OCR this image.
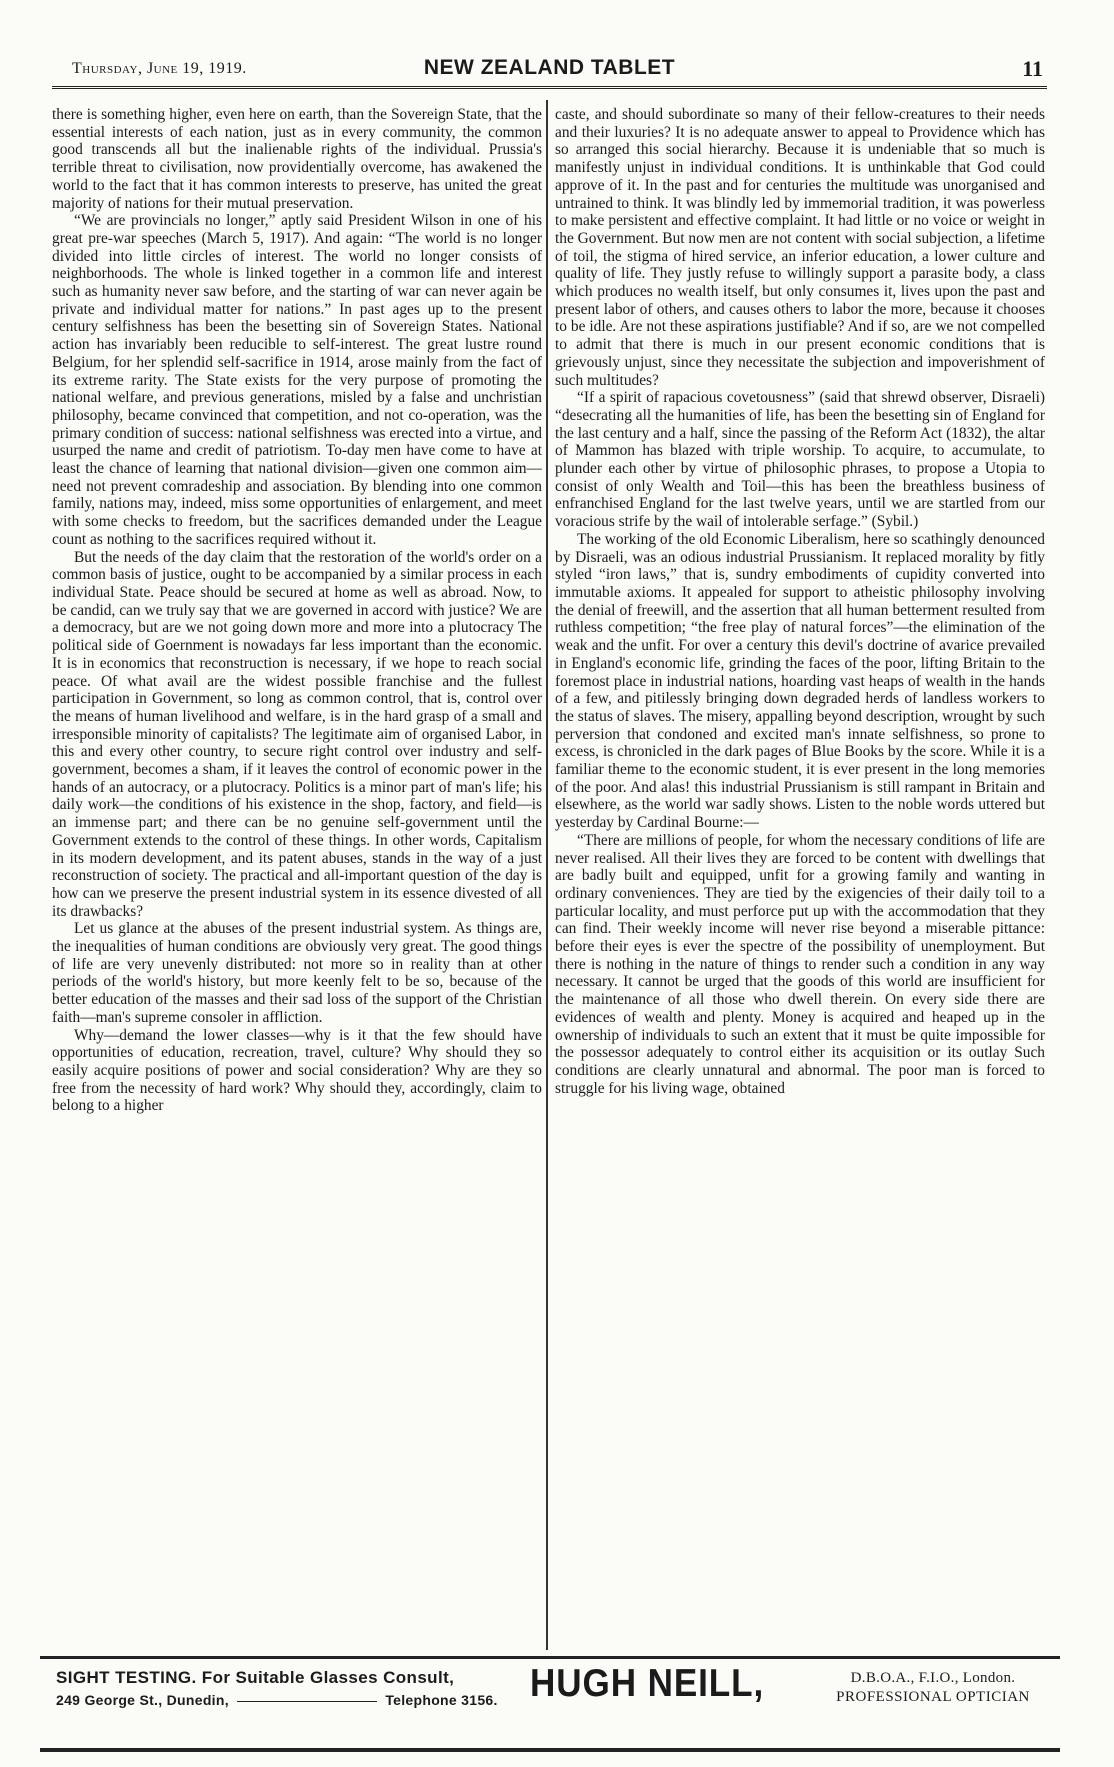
Thursday, June 19, 1919.	NEW ZEALAND TABLET	11

there is something higher, even here on earth, than the Sovereign State, that the essential interests of each nation, just as in every community, the common good transcends all but the inalienable rights of the individual. Prussia's terrible threat to civilisation, now providentially overcome, has awakened the world to the fact that it has common interests to preserve, has united the great majority of nations for their mutual preservation.

“We are provincials no longer,” aptly said President Wilson in one of his great pre-war speeches (March 5, 1917). And again: “The world is no longer divided into little circles of interest. The world no longer consists of neighborhoods. The whole is linked together in a common life and interest such as humanity never saw before, and the starting of war can never again be private and individual matter for nations.” In past ages up to the present century selfishness has been the besetting sin of Sovereign States. National action has invariably been reducible to self-interest. The great lustre round Belgium, for her splendid self-sacrifice in 1914, arose mainly from the fact of its extreme rarity. The State exists for the very purpose of promoting the national welfare, and previous generations, misled by a false and unchristian philosophy, became convinced that competition, and not co-operation, was the primary condition of success: national selfishness was erected into a virtue, and usurped the name and credit of patriotism. To-day men have come to have at least the chance of learning that national division—given one common aim—need not prevent comradeship and association. By blending into one common family, nations may, indeed, miss some opportunities of enlargement, and meet with some checks to freedom, but the sacrifices demanded under the League count as nothing to the sacrifices required without it.

But the needs of the day claim that the restoration of the world's order on a common basis of justice, ought to be accompanied by a similar process in each individual State. Peace should be secured at home as well as abroad. Now, to be candid, can we truly say that we are governed in accord with justice? We are a democracy, but are we not going down more and more into a plutocracy The political side of Goernment is nowadays far less important than the economic. It is in economics that reconstruction is necessary, if we hope to reach social peace. Of what avail are the widest possible franchise and the fullest participation in Government, so long as common control, that is, control over the means of human livelihood and welfare, is in the hard grasp of a small and irresponsible minority of capitalists? The legitimate aim of organised Labor, in this and every other country, to secure right control over industry and self-government, becomes a sham, if it leaves the control of economic power in the hands of an autocracy, or a plutocracy. Politics is a minor part of man's life; his daily work—the conditions of his existence in the shop, factory, and field—is an immense part; and there can be no genuine self-government until the Government extends to the control of these things. In other words, Capitalism in its modern development, and its patent abuses, stands in the way of a just reconstruction of society. The practical and all-important question of the day is how can we preserve the present industrial system in its essence divested of all its drawbacks?

Let us glance at the abuses of the present industrial system. As things are, the inequalities of human conditions are obviously very great. The good things of life are very unevenly distributed: not more so in reality than at other periods of the world's history, but more keenly felt to be so, because of the better education of the masses and their sad loss of the support of the Christian faith—man's supreme consoler in affliction.

Why—demand the lower classes—why is it that the few should have opportunities of education, recreation, travel, culture? Why should they so easily acquire positions of power and social consideration? Why are they so free from the necessity of hard work? Why should they, accordingly, claim to belong to a higher

caste, and should subordinate so many of their fellow-creatures to their needs and their luxuries? It is no adequate answer to appeal to Providence which has so arranged this social hierarchy. Because it is undeniable that so much is manifestly unjust in individual conditions. It is unthinkable that God could approve of it. In the past and for centuries the multitude was unorganised and untrained to think. It was blindly led by immemorial tradition, it was powerless to make persistent and effective complaint. It had little or no voice or weight in the Government. But now men are not content with social subjection, a lifetime of toil, the stigma of hired service, an inferior education, a lower culture and quality of life. They justly refuse to willingly support a parasite body, a class which produces no wealth itself, but only consumes it, lives upon the past and present labor of others, and causes others to labor the more, because it chooses to be idle. Are not these aspirations justifiable? And if so, are we not compelled to admit that there is much in our present economic conditions that is grievously unjust, since they necessitate the subjection and impoverishment of such multitudes?

“If a spirit of rapacious covetousness” (said that shrewd observer, Disraeli) “desecrating all the humanities of life, has been the besetting sin of England for the last century and a half, since the passing of the Reform Act (1832), the altar of Mammon has blazed with triple worship. To acquire, to accumulate, to plunder each other by virtue of philosophic phrases, to propose a Utopia to consist of only Wealth and Toil—this has been the breathless business of enfranchised England for the last twelve years, until we are startled from our voracious strife by the wail of intolerable serfage.” (Sybil.)

The working of the old Economic Liberalism, here so scathingly denounced by Disraeli, was an odious industrial Prussianism. It replaced morality by fitly styled “iron laws,” that is, sundry embodiments of cupidity converted into immutable axioms. It appealed for support to atheistic philosophy involving the denial of freewill, and the assertion that all human betterment resulted from ruthless competition; “the free play of natural forces”—the elimination of the weak and the unfit. For over a century this devil's doctrine of avarice prevailed in England's economic life, grinding the faces of the poor, lifting Britain to the foremost place in industrial nations, hoarding vast heaps of wealth in the hands of a few, and pitilessly bringing down degraded herds of landless workers to the status of slaves. The misery, appalling beyond description, wrought by such perversion that condoned and excited man's innate selfishness, so prone to excess, is chronicled in the dark pages of Blue Books by the score. While it is a familiar theme to the economic student, it is ever present in the long memories of the poor. And alas! this industrial Prussianism is still rampant in Britain and elsewhere, as the world war sadly shows. Listen to the noble words uttered but yesterday by Cardinal Bourne:—

“There are millions of people, for whom the necessary conditions of life are never realised. All their lives they are forced to be content with dwellings that are badly built and equipped, unfit for a growing family and wanting in ordinary conveniences. They are tied by the exigencies of their daily toil to a particular locality, and must perforce put up with the accommodation that they can find. Their weekly income will never rise beyond a miserable pittance: before their eyes is ever the spectre of the possibility of unemployment. But there is nothing in the nature of things to render such a condition in any way necessary. It cannot be urged that the goods of this world are insufficient for the maintenance of all those who dwell therein. On every side there are evidences of wealth and plenty. Money is acquired and heaped up in the ownership of individuals to such an extent that it must be quite impossible for the possessor adequately to control either its acquisition or its outlay Such conditions are clearly unnatural and abnormal. The poor man is forced to struggle for his living wage, obtained

SIGHT TESTING. For Suitable Glasses Consult,
249 George St., Dunedin,	Telephone 3156. HUGH NEILL,	D.B.O.A., F.I.O., London.
PROFESSIONAL OPTICIAN
